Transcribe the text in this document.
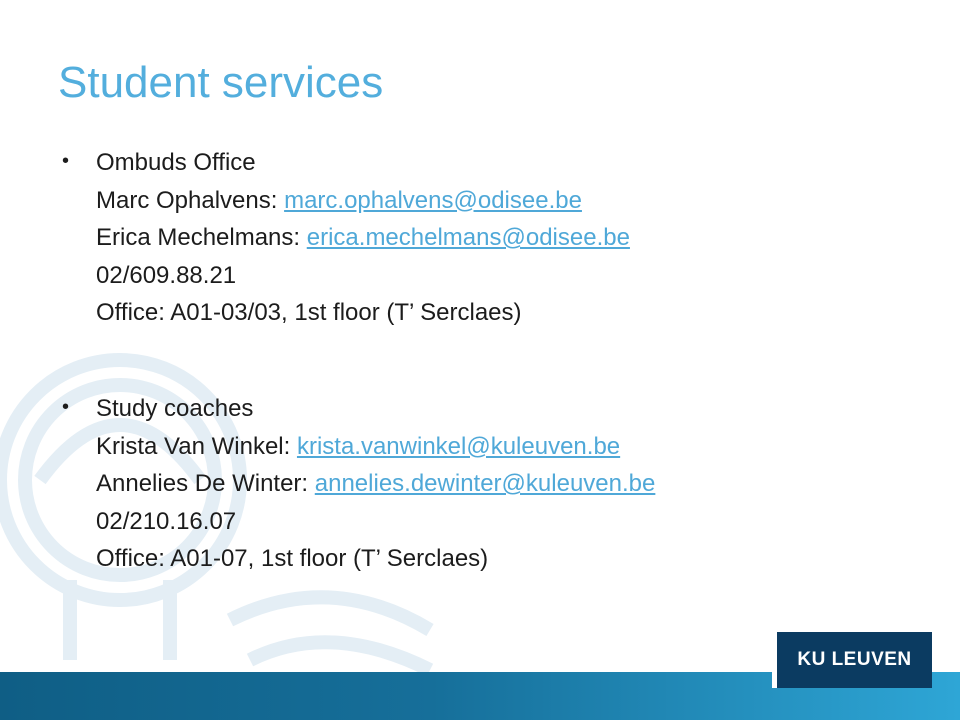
Student services
• Ombuds Office
Marc Ophalvens: marc.ophalvens@odisee.be
Erica Mechelmans: erica.mechelmans@odisee.be
02/609.88.21
Office: A01-03/03, 1st floor (T’ Serclaes)
• Study coaches
Krista Van Winkel: krista.vanwinkel@kuleuven.be
Annelies De Winter: annelies.dewinter@kuleuven.be
02/210.16.07
Office: A01-07, 1st floor (T’ Serclaes)
KU LEUVEN
